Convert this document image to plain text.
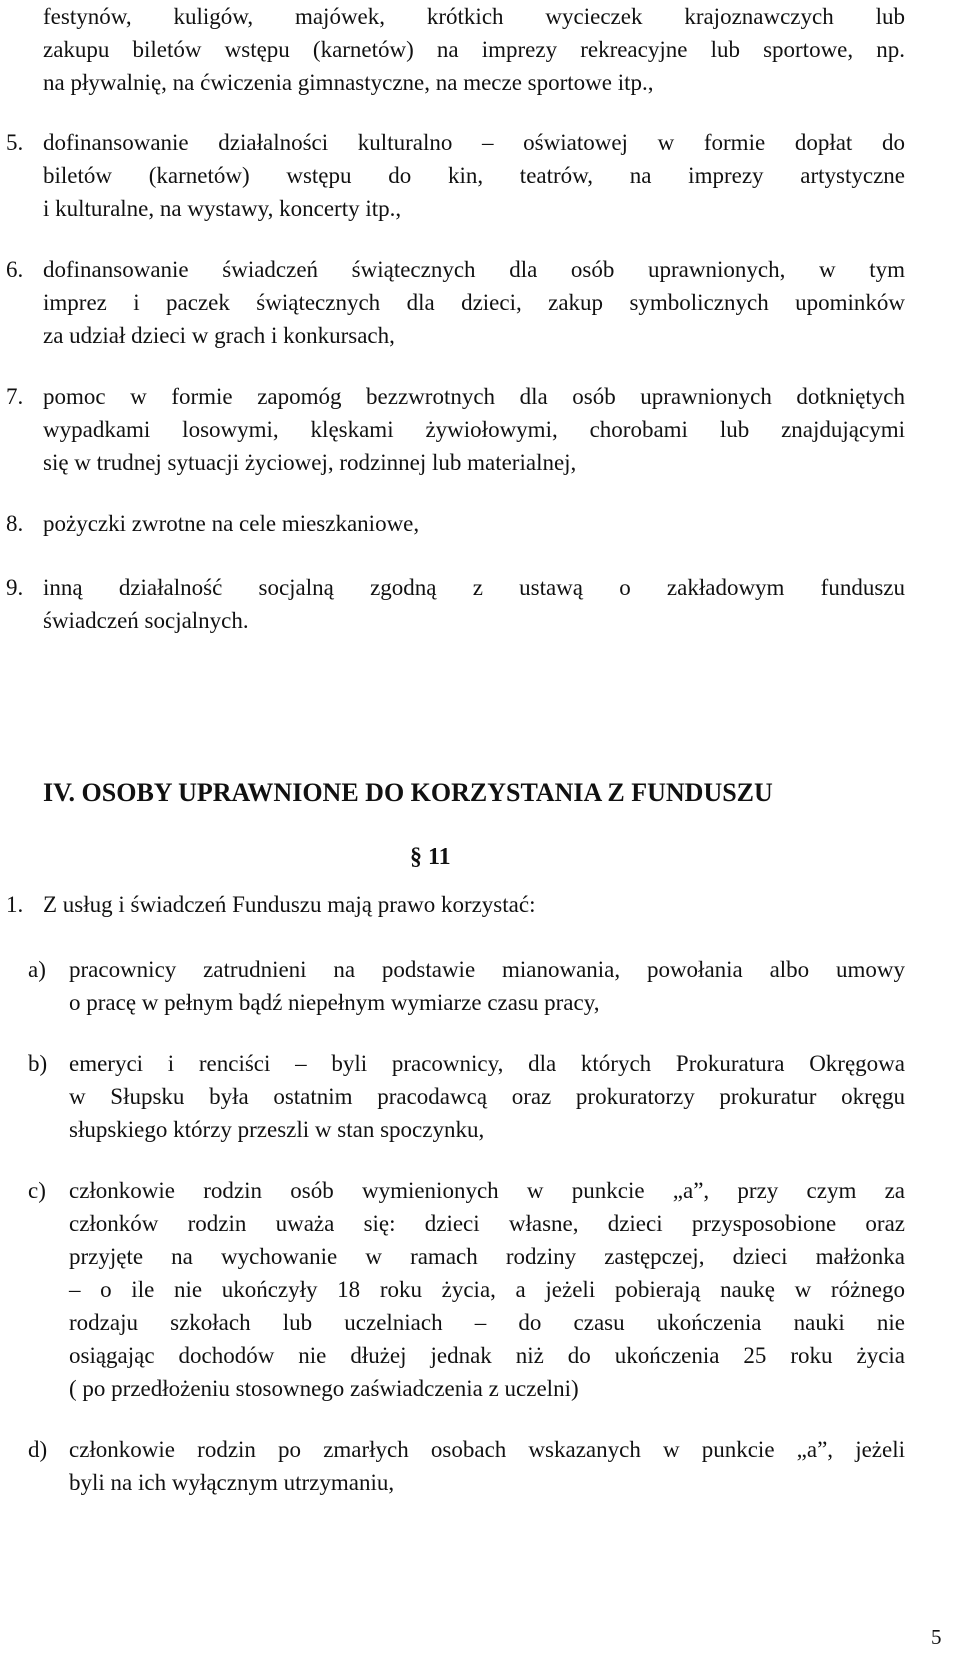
festynów, kuligów, majówek, krótkich wycieczek krajoznawczych lub
zakupu biletów wstępu (karnetów) na imprezy rekreacyjne lub sportowe, np.
na pływalnię, na ćwiczenia gimnastyczne, na mecze sportowe itp.,
5. dofinansowanie działalności kulturalno – oświatowej w formie dopłat do
biletów (karnetów) wstępu do kin, teatrów, na imprezy artystyczne
i kulturalne, na wystawy, koncerty itp.,
6. dofinansowanie świadczeń świątecznych dla osób uprawnionych, w tym
imprez i paczek świątecznych dla dzieci, zakup symbolicznych upominków
za udział dzieci w grach i konkursach,
7. pomoc w formie zapomóg bezzwrotnych dla osób uprawnionych dotkniętych
wypadkami losowymi, klęskami żywiołowymi, chorobami lub znajdującymi
się w trudnej sytuacji życiowej, rodzinnej lub materialnej,
8. pożyczki zwrotne na cele mieszkaniowe,
9. inną działalność socjalną zgodną z ustawą o zakładowym funduszu
świadczeń socjalnych.
IV. OSOBY UPRAWNIONE DO KORZYSTANIA Z FUNDUSZU
§ 11
1. Z usług i świadczeń Funduszu mają prawo korzystać:
a) pracownicy zatrudnieni na podstawie mianowania, powołania albo umowy
o pracę w pełnym bądź niepełnym wymiarze czasu pracy,
b) emeryci i renciści – byli pracownicy, dla których Prokuratura Okręgowa
w Słupsku była ostatnim pracodawcą oraz prokuratorzy prokuratur okręgu
słupskiego którzy przeszli w stan spoczynku,
c) członkowie rodzin osób wymienionych w punkcie „a”, przy czym za
członków rodzin uważa się: dzieci własne, dzieci przysposobione oraz
przyjęte na wychowanie w ramach rodziny zastępczej, dzieci małżonka
– o ile nie ukończyły 18 roku życia, a jeżeli pobierają naukę w różnego
rodzaju szkołach lub uczelniach – do czasu ukończenia nauki nie
osiągając dochodów nie dłużej jednak niż do ukończenia 25 roku życia
( po przedłożeniu stosownego zaświadczenia z uczelni)
d) członkowie rodzin po zmarłych osobach wskazanych w punkcie „a”, jeżeli
byli na ich wyłącznym utrzymaniu,
5
